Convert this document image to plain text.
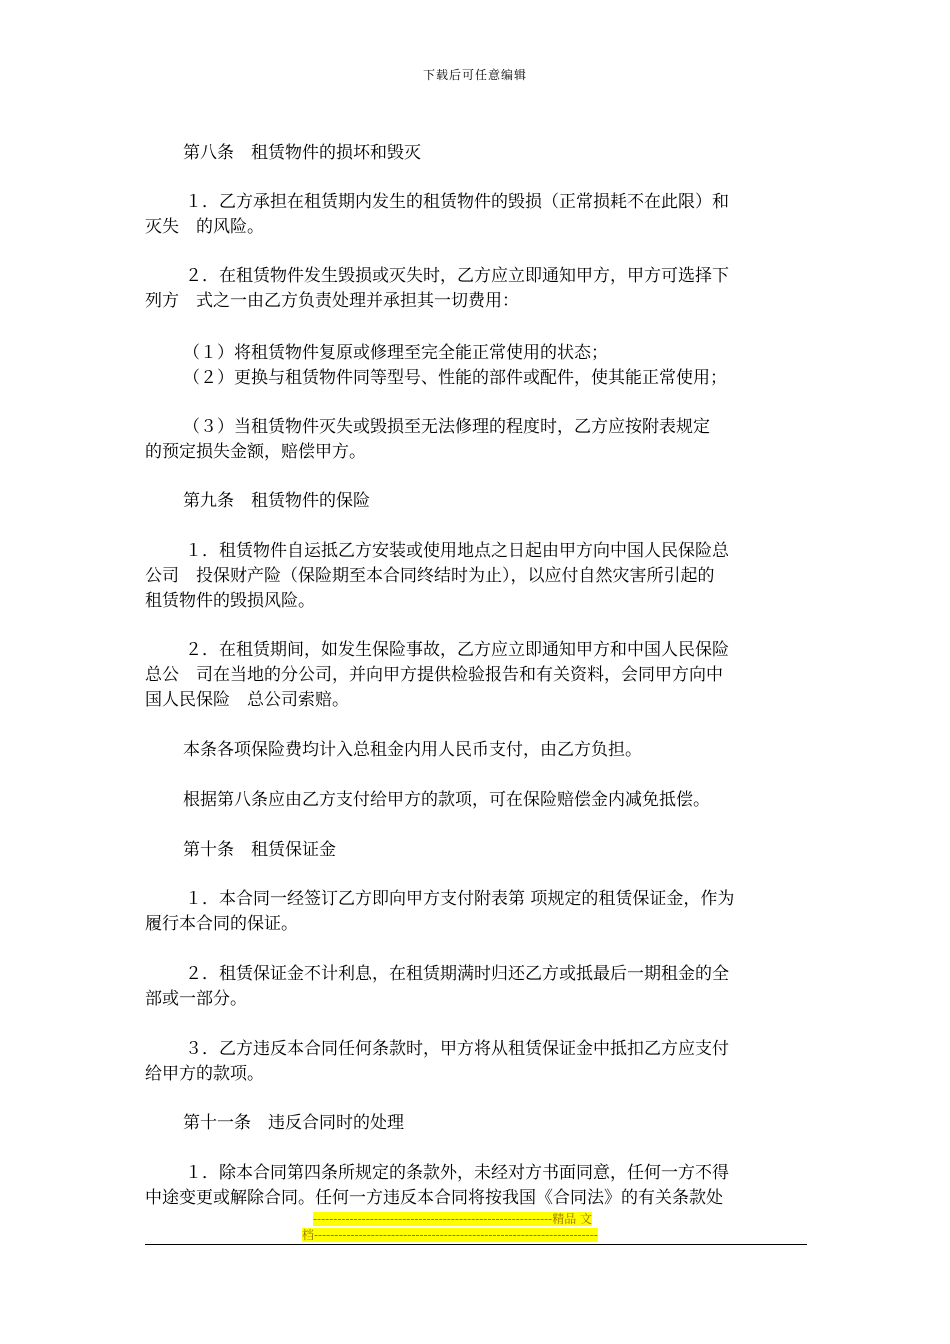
下载后可任意编辑
第八条　租赁物件的损坏和毁灭
１．乙方承担在租赁期内发生的租赁物件的毁损（正常损耗不在此限）和
灭失　的风险。
２．在租赁物件发生毁损或灭失时，乙方应立即通知甲方，甲方可选择下
列方　式之一由乙方负责处理并承担其一切费用：
（１）将租赁物件复原或修理至完全能正常使用的状态；
（２）更换与租赁物件同等型号、性能的部件或配件，使其能正常使用；
（３）当租赁物件灭失或毁损至无法修理的程度时，乙方应按附表规定
的预定损失金额，赔偿甲方。
第九条　租赁物件的保险
１．租赁物件自运抵乙方安装或使用地点之日起由甲方向中国人民保险总
公司　投保财产险（保险期至本合同终结时为止），以应付自然灾害所引起的
租赁物件的毁损风险。
２．在租赁期间，如发生保险事故，乙方应立即通知甲方和中国人民保险
总公　司在当地的分公司，并向甲方提供检验报告和有关资料，会同甲方向中
国人民保险　总公司索赔。
本条各项保险费均计入总租金内用人民币支付，由乙方负担。
根据第八条应由乙方支付给甲方的款项，可在保险赔偿金内减免抵偿。
第十条　租赁保证金
１．本合同一经签订乙方即向甲方支付附表第 项规定的租赁保证金，作为
履行本合同的保证。
２．租赁保证金不计利息，在租赁期满时归还乙方或抵最后一期租金的全
部或一部分。
３．乙方违反本合同任何条款时，甲方将从租赁保证金中抵扣乙方应支付
给甲方的款项。
第十一条　违反合同时的处理
１．除本合同第四条所规定的条款外，未经对方书面同意，任何一方不得
中途变更或解除合同。任何一方违反本合同将按我国《合同法》的有关条款处
-----------------------------------------------------------精品 文
档----------------------------------------------------------------------
